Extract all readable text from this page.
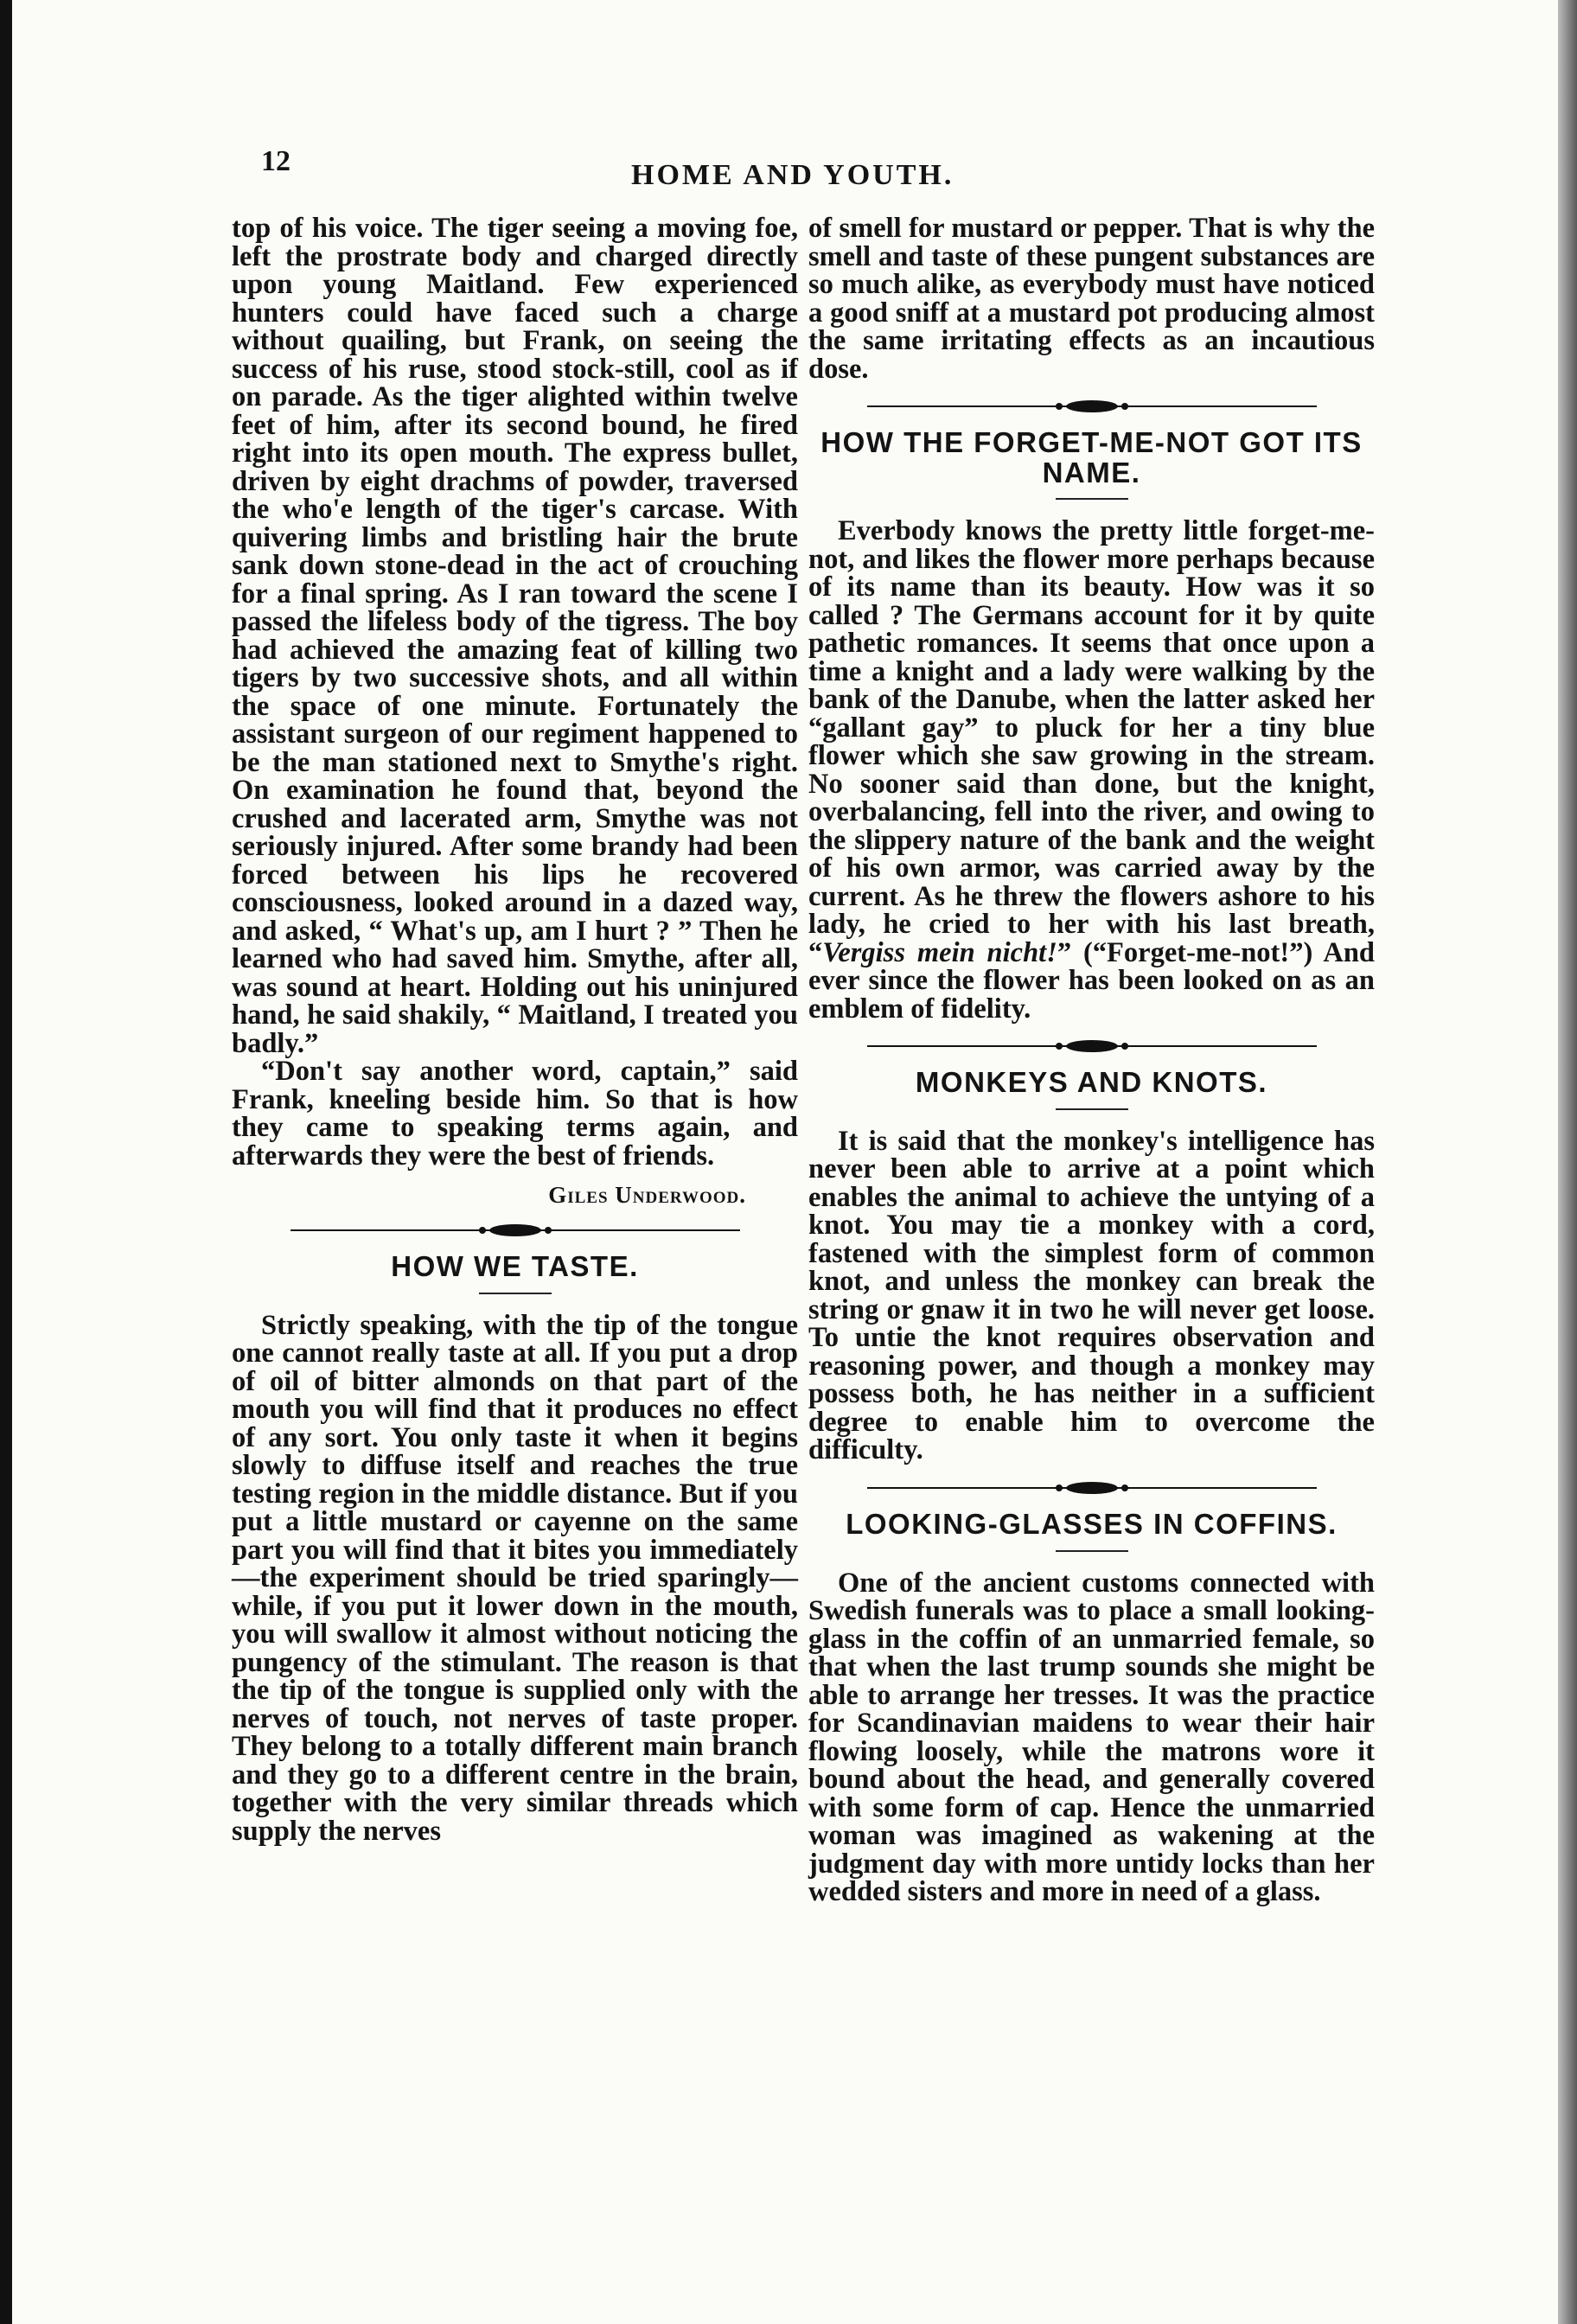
12	HOME AND YOUTH.

top of his voice. The tiger seeing a moving foe, left the prostrate body and charged directly upon young Maitland. Few experienced hunters could have faced such a charge without quailing, but Frank, on seeing the success of his ruse, stood stock-still, cool as if on parade. As the tiger alighted within twelve feet of him, after its second bound, he fired right into its open mouth. The express bullet, driven by eight drachms of powder, traversed the who'e length of the tiger's carcase. With quivering limbs and bristling hair the brute sank down stone-dead in the act of crouching for a final spring. As I ran toward the scene I passed the lifeless body of the tigress. The boy had achieved the amazing feat of killing two tigers by two successive shots, and all within the space of one minute. Fortunately the assistant surgeon of our regiment happened to be the man stationed next to Smythe's right. On examination he found that, beyond the crushed and lacerated arm, Smythe was not seriously injured. After some brandy had been forced between his lips he recovered consciousness, looked around in a dazed way, and asked, “ What's up, am I hurt ? ” Then he learned who had saved him. Smythe, after all, was sound at heart. Holding out his uninjured hand, he said shakily, “ Maitland, I treated you badly.”

“Don't say another word, captain,” said Frank, kneeling beside him. So that is how they came to speaking terms again, and afterwards they were the best of friends.

Giles Underwood.
HOW WE TASTE.

Strictly speaking, with the tip of the tongue one cannot really taste at all. If you put a drop of oil of bitter almonds on that part of the mouth you will find that it produces no effect of any sort. You only taste it when it begins slowly to diffuse itself and reaches the true testing region in the middle distance. But if you put a little mustard or cayenne on the same part you will find that it bites you immediately—the experiment should be tried sparingly—while, if you put it lower down in the mouth, you will swallow it almost without noticing the pungency of the stimulant. The reason is that the tip of the tongue is supplied only with the nerves of touch, not nerves of taste proper. They belong to a totally different main branch and they go to a different centre in the brain, together with the very similar threads which supply the nerves

of smell for mustard or pepper. That is why the smell and taste of these pungent substances are so much alike, as everybody must have noticed a good sniff at a mustard pot producing almost the same irritating effects as an incautious dose.

HOW THE FORGET-ME-NOT GOT ITS NAME.

Everbody knows the pretty little forget-me-not, and likes the flower more perhaps because of its name than its beauty. How was it so called ? The Germans account for it by quite pathetic romances. It seems that once upon a time a knight and a lady were walking by the bank of the Danube, when the latter asked her “gallant gay” to pluck for her a tiny blue flower which she saw growing in the stream. No sooner said than done, but the knight, overbalancing, fell into the river, and owing to the slippery nature of the bank and the weight of his own armor, was carried away by the current. As he threw the flowers ashore to his lady, he cried to her with his last breath, “Vergiss mein nicht!” (“Forget-me-not!”) And ever since the flower has been looked on as an emblem of fidelity.

MONKEYS AND KNOTS.

It is said that the monkey's intelligence has never been able to arrive at a point which enables the animal to achieve the untying of a knot. You may tie a monkey with a cord, fastened with the simplest form of common knot, and unless the monkey can break the string or gnaw it in two he will never get loose. To untie the knot requires observation and reasoning power, and though a monkey may possess both, he has neither in a sufficient degree to enable him to overcome the difficulty.

LOOKING-GLASSES IN COFFINS.

One of the ancient customs connected with Swedish funerals was to place a small looking-glass in the coffin of an unmarried female, so that when the last trump sounds she might be able to arrange her tresses. It was the practice for Scandinavian maidens to wear their hair flowing loosely, while the matrons wore it bound about the head, and generally covered with some form of cap. Hence the unmarried woman was imagined as wakening at the judgment day with more untidy locks than her wedded sisters and more in need of a glass.
